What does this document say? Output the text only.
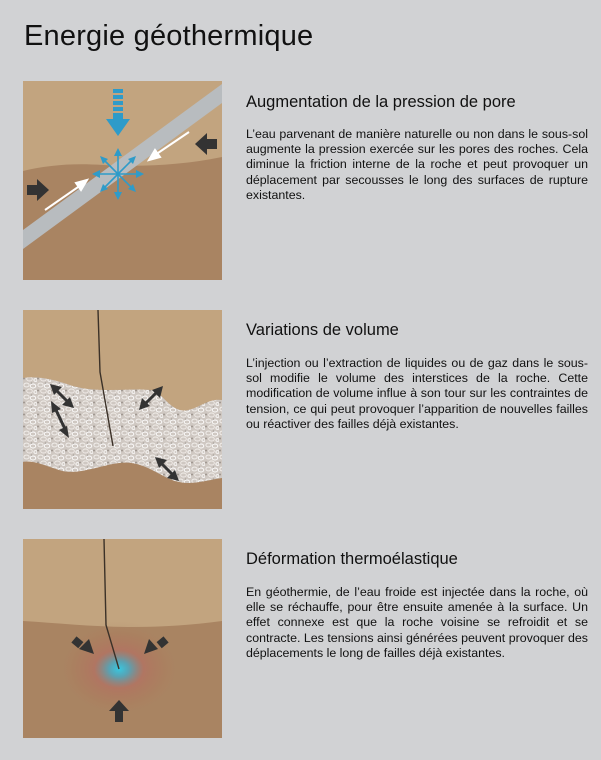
Energie géothermique
Augmentation de la pression de pore

L’eau parvenant de manière naturelle ou non dans le sous-sol augmente la pression exercée sur les pores des roches. Cela diminue la friction interne de la roche et peut provoquer un déplacement par secousses le long des surfaces de rupture existantes.

Variations de volume

L’injection ou l’extraction de liquides ou de gaz dans le sous-sol modifie le volume des interstices de la roche. Cette modification de volume influe à son tour sur les contraintes de tension, ce qui peut provoquer l’apparition de nouvelles failles ou réactiver des failles déjà existantes.

Déformation thermoélastique

En géothermie, de l’eau froide est injectée dans la roche, où elle se réchauffe, pour être ensuite amenée à la surface. Un effet connexe est que la roche voisine se refroidit et se contracte. Les tensions ainsi générées peuvent provoquer des déplacements le long de failles déjà existantes.
